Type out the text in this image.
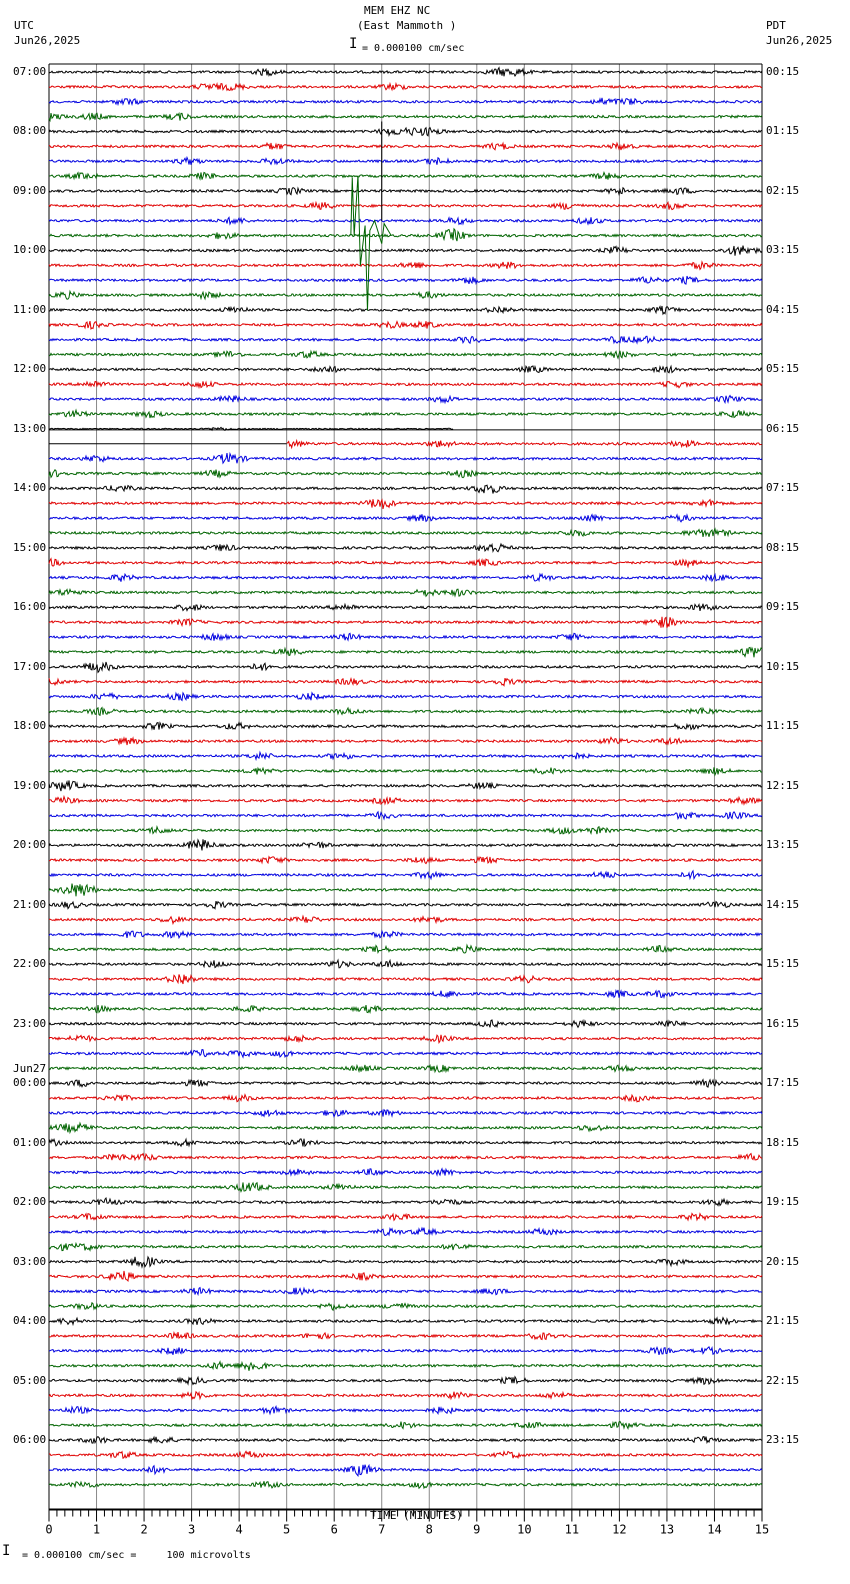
MEM EHZ NC
(East Mammoth )
UTC
Jun26,2025
PDT
Jun26,2025
I = 0.000100 cm/sec
0	1	2	3	4	5	6	7	8	9	10	11	12	13	14	15
TIME (MINUTES)
I = 0.000100 cm/sec =     100 microvolts
07:00
08:00
09:00
10:00
11:00
12:00
13:00
14:00
15:00
16:00
17:00
18:00
19:00
20:00
21:00
22:00
23:00
00:00
01:00
02:00
03:00
04:00
05:00
06:00
00:15
01:15
02:15
03:15
04:15
05:15
06:15
07:15
08:15
09:15
10:15
11:15
12:15
13:15
14:15
15:15
16:15
17:15
18:15
19:15
20:15
21:15
22:15
23:15
Jun27
